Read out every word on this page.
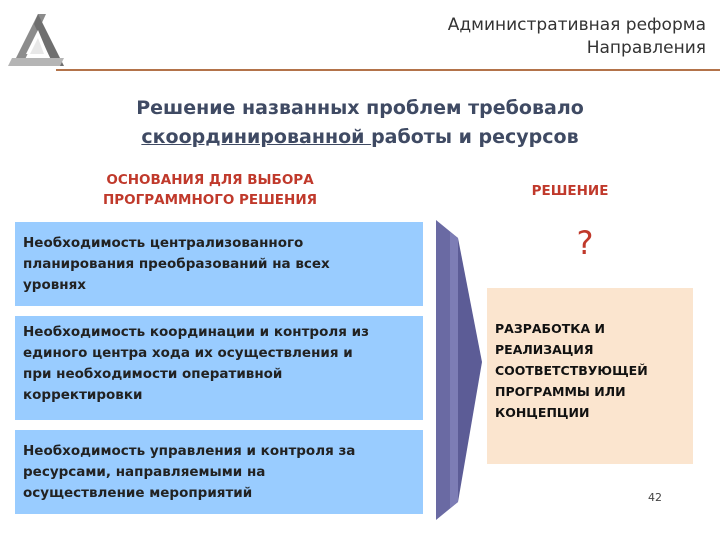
Административная реформа
Направления
Решение названных проблем требовало
скоординированной работы и ресурсов
ОСНОВАНИЯ ДЛЯ ВЫБОРА
ПРОГРАММНОГО РЕШЕНИЯ
РЕШЕНИЕ
?
Необходимость централизованного
планирования преобразований на всех
уровнях
Необходимость координации и контроля из
единого центра хода их осуществления и
при необходимости оперативной
корректировки
Необходимость управления и контроля за
ресурсами, направляемыми на
осуществление мероприятий
РАЗРАБОТКА И
РЕАЛИЗАЦИЯ
СООТВЕТСТВУЮЩЕЙ
ПРОГРАММЫ ИЛИ
КОНЦЕПЦИИ
42
